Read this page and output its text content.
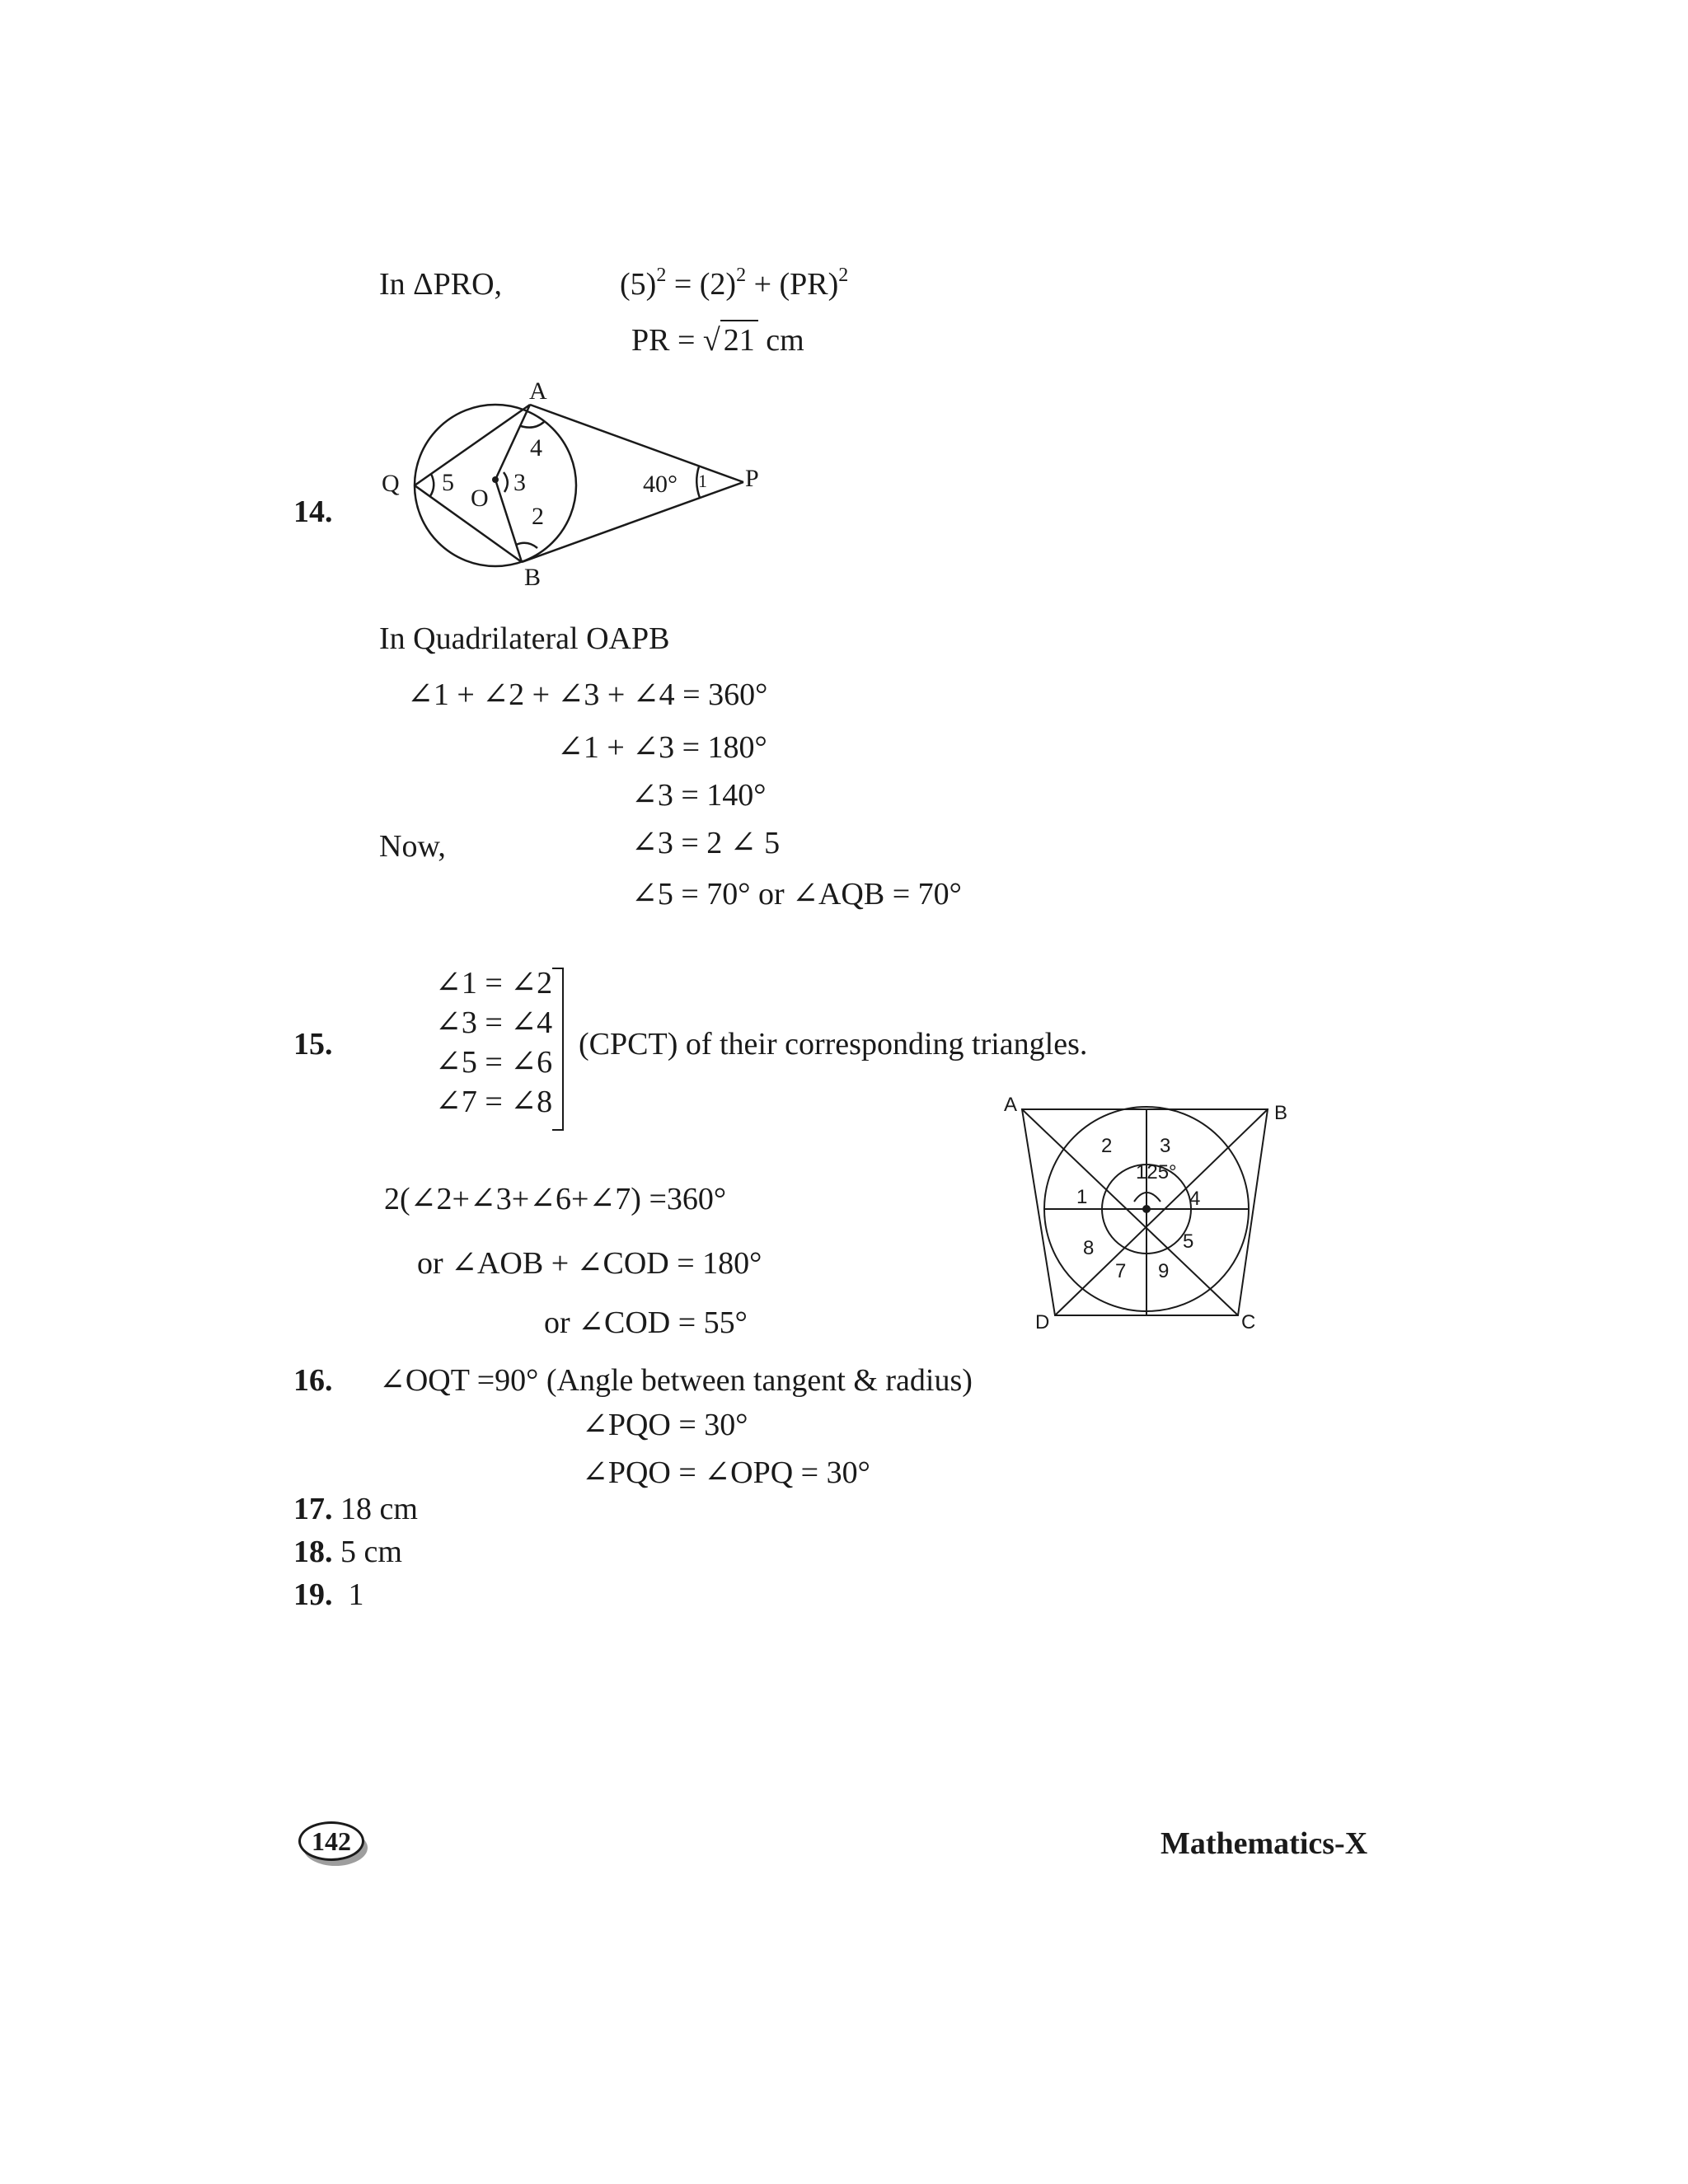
In ΔPRO,	$(5)^2 = (2)^2 + (PR)^2$
PR = √ 21 cm
14.
A
B
Q
O
P
5 3
4
2
40° 1
In Quadrilateral OAPB
∠1 + ∠2 + ∠3 + ∠4 = 360°
∠1 + ∠3 = 180°
∠3 = 140°
Now,	∠3 = 2 ∠ 5
∠5 = 70° or ∠AQB = 70°
15.
∠1 = ∠2
∠3 = ∠4
∠5 = ∠6
∠7 = ∠8
(CPCT) of their corresponding triangles.
A	B
C
D
1
2 3
125°
4
5
8
7 9
2(∠2+∠3+∠6+∠7) =360°
or ∠AOB + ∠COD = 180°
or ∠COD = 55°
16. ∠OQT =90° (Angle between tangent & radius)
∠PQO = 30°
∠PQO = ∠OPQ = 30°
17. 18 cm
18. 5 cm
19.  1
142	Mathematics-X
